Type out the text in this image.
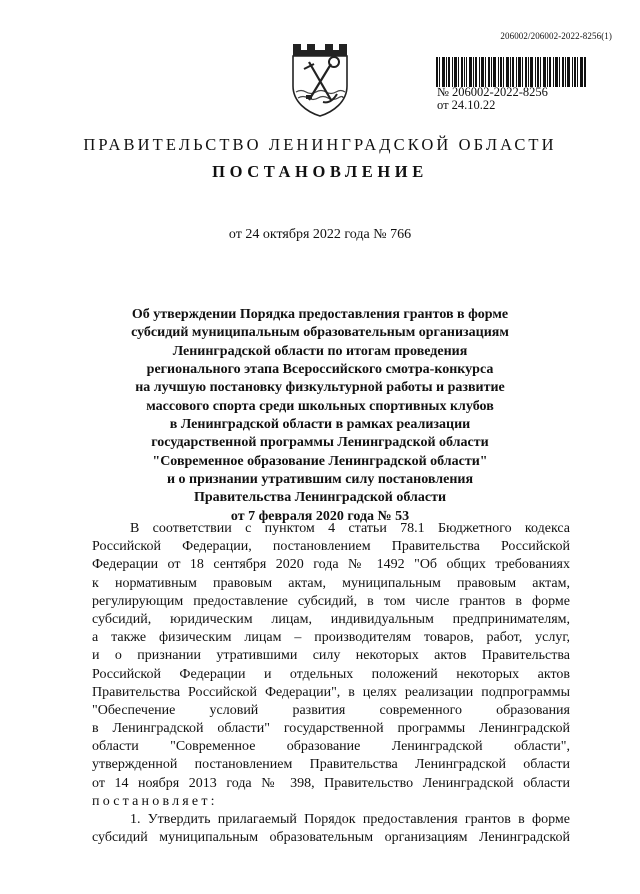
206002/206002-2022-8256(1)
№ 206002-2022-8256
от 24.10.22
ПРАВИТЕЛЬСТВО ЛЕНИНГРАДСКОЙ ОБЛАСТИ
ПОСТАНОВЛЕНИЕ
от 24 октября 2022 года № 766
Об утверждении Порядка предоставления грантов в форме
субсидий муниципальным образовательным организациям
Ленинградской области по итогам проведения
регионального этапа Всероссийского смотра-конкурса
на лучшую постановку физкультурной работы и развитие
массового спорта среди школьных спортивных клубов
в Ленинградской области в рамках реализации
государственной программы Ленинградской области
"Современное образование Ленинградской области"
и о признании утратившим силу постановления
Правительства Ленинградской области
от 7 февраля 2020 года № 53
В соответствии с пунктом 4 статьи 78.1 Бюджетного кодекса
Российской Федерации, постановлением Правительства Российской
Федерации от 18 сентября 2020 года № 1492 "Об общих требованиях
к нормативным правовым актам, муниципальным правовым актам,
регулирующим предоставление субсидий, в том числе грантов в форме
субсидий, юридическим лицам, индивидуальным предпринимателям,
а также физическим лицам – производителям товаров, работ, услуг,
и о признании утратившими силу некоторых актов Правительства
Российской Федерации и отдельных положений некоторых актов
Правительства Российской Федерации", в целях реализации подпрограммы
"Обеспечение условий развития современного образования
в Ленинградской области" государственной программы Ленинградской
области "Современное образование Ленинградской области",
утвержденной постановлением Правительства Ленинградской области
от 14 ноября 2013 года № 398, Правительство Ленинградской области
постановляет:
1. Утвердить прилагаемый Порядок предоставления грантов в форме
субсидий муниципальным образовательным организациям Ленинградской
